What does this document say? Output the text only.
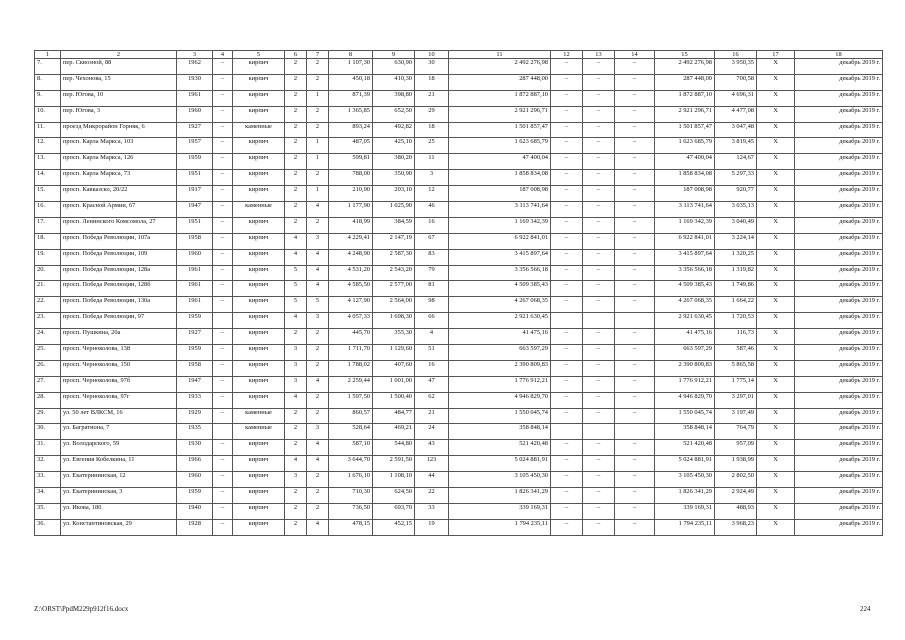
1	2	3	4	5	6	7	8	9	10	11	12	13	14	15	16	17	18
7.	пер. Сквозной, 88	1962	–	кирпич	2	2	1 107,30	630,90	30	2 492 276,98	–	–	–	2 492 276,98	3 950,35	X	декабрь 2019 г.
8.	пер. Чехонова, 15	1930	–	кирпич	2	2	450,18	410,30	18	287 448,00	–	–	–	287 448,00	700,58	X	декабрь 2019 г.
9.	пер. Югова, 10	1961	–	кирпич	2	1	871,39	398,80	21	1 872 887,10	–	–	–	1 872 887,10	4 696,31	X	декабрь 2019 г.
10.	пер. Югова, 3	1960	–	кирпич	2	2	1 365,85	652,50	29	2 921 296,71	–	–	–	2 921 296,71	4 477,08	X	декабрь 2019 г.
11.	проезд Микрорайон Горняк, 6	1927	–	каменные	2	2	893,24	492,82	18	1 501 857,47	–	–	–	1 501 857,47	3 047,48	X	декабрь 2019 г.
12.	просп. Карла Маркса, 103	1957	–	кирпич	2	1	487,05	425,10	25	1 623 685,79	–	–	–	1 623 685,79	3 819,45	X	декабрь 2019 г.
13.	просп. Карла Маркса, 126	1959	–	кирпич	2	1	599,81	380,20	11	47 400,04	–	–	–	47 400,04	124,67	X	декабрь 2019 г.
14.	просп. Карла Маркса, 73	1951	–	кирпич	2	2	788,00	350,90	3	1 858 834,08	–	–	–	1 858 834,08	5 297,33	X	декабрь 2019 г.
15.	просп. Кавказско, 20/22	1917	–	кирпич	2	1	210,90	203,10	12	187 008,98	–	–	–	187 008,98	920,77	X	декабрь 2019 г.
16.	просп. Красной Армии, 67	1947	–	каменные	2	4	1 177,90	1 025,90	46	3 113 741,64	–	–	–	3 113 741,64	3 035,13	X	декабрь 2019 г.
17.	просп. Ленинского Комсомола, 27	1951	–	кирпич	2	2	418,99	384,59	16	1 169 342,39	–	–	–	1 169 342,39	3 040,49	X	декабрь 2019 г.
18.	просп. Победа Революции, 107а	1958	–	кирпич	4	3	4 229,41	2 147,19	67	6 922 841,01	–	–	–	6 922 841,01	3 224,14	X	декабрь 2019 г.
19.	просп. Победа Революции, 109	1960	–	кирпич	4	4	4 248,90	2 587,30	83	3 415 897,64	–	–	–	3 415 897,64	1 320,25	X	декабрь 2019 г.
20.	просп. Победа Революции, 128а	1961	–	кирпич	5	4	4 531,20	2 543,20	79	3 356 566,18	–	–	–	3 356 566,18	1 319,82	X	декабрь 2019 г.
21.	просп. Победа Революции, 128б	1961	–	кирпич	5	4	4 585,50	2 577,00	81	4 509 385,43	–	–	–	4 509 385,43	1 749,86	X	декабрь 2019 г.
22.	просп. Победа Революции, 130а	1961	–	кирпич	5	5	4 127,90	2 564,00	98	4 267 068,35	–	–	–	4 267 068,35	1 664,22	X	декабрь 2019 г.
23.	просп. Победа Революции, 97	1959		кирпич	4	3	4 057,33	1 698,30	66	2 921 630,45				2 921 630,45	1 720,53	X	декабрь 2019 г.
24.	просп. Пушкина, 20а	1927	–	кирпич	2	2	445,70	355,30	4	41 475,16	–	–	–	41 475,16	116,73	X	декабрь 2019 г.
25.	просп. Черноколова, 138	1959	–	кирпич	3	2	1 711,70	1 129,60	51	663 597,29	–	–	–	663 597,29	587,46	X	декабрь 2019 г.
26.	просп. Черноколова, 150	1958	–	кирпич	3	2	1 788,02	407,60	16	2 390 809,83	–	–	–	2 390 809,83	5 865,58	X	декабрь 2019 г.
27.	просп. Черноколова, 97б	1947	–	кирпич	3	4	2 259,44	1 001,00	47	1 776 912,21	–	–	–	1 776 912,21	1 775,14	X	декабрь 2019 г.
28.	просп. Черноколова, 97г	1933	–	кирпич	4	2	1 597,50	1 500,40	62	4 946 829,70	–	–	–	4 946 829,70	3 297,01	X	декабрь 2019 г.
29.	ул. 50 лет ВЛКСМ, 16	1929	–	каменные	2	2	860,57	484,77	21	1 550 045,74	–	–	–	1 550 045,74	3 197,49	X	декабрь 2019 г.
30.	ул. Багратиона, 7	1935		каменные	2	3	528,64	469,21	24	358 848,14				358 848,14	764,79	X	декабрь 2019 г.
31.	ул. Володарского, 59	1930	–	кирпич	2	4	587,10	544,80	43	521 420,48	–	–	–	521 420,48	957,09	X	декабрь 2019 г.
32.	ул. Евгения Кобелкина, 11	1966	–	кирпич	4	4	3 644,70	2 591,50	123	5 024 881,91	–	–	–	5 024 881,91	1 938,99	X	декабрь 2019 г.
33.	ул. Екатерининская, 12	1960	–	кирпич	3	2	1 676,10	1 108,10	44	3 105 450,30	–	–	–	3 105 450,30	2 802,50	X	декабрь 2019 г.
34.	ул. Екатерининская, 3	1959	–	кирпич	2	2	710,30	624,50	22	1 826 341,29	–	–	–	1 826 341,29	2 924,49	X	декабрь 2019 г.
35.	ул. Икова, 180	1940	–	кирпич	2	2	736,50	693,70	33	339 169,31	–	–	–	339 169,31	488,93	X	декабрь 2019 г.
36.	ул. Константиновская, 29	1928	–	кирпич	2	4	478,15	452,15	19	1 794 235,11	–	–	–	1 794 235,11	3 968,23	X	декабрь 2019 г.
Z:\ORST\PpdM229p912f16.docx	224
